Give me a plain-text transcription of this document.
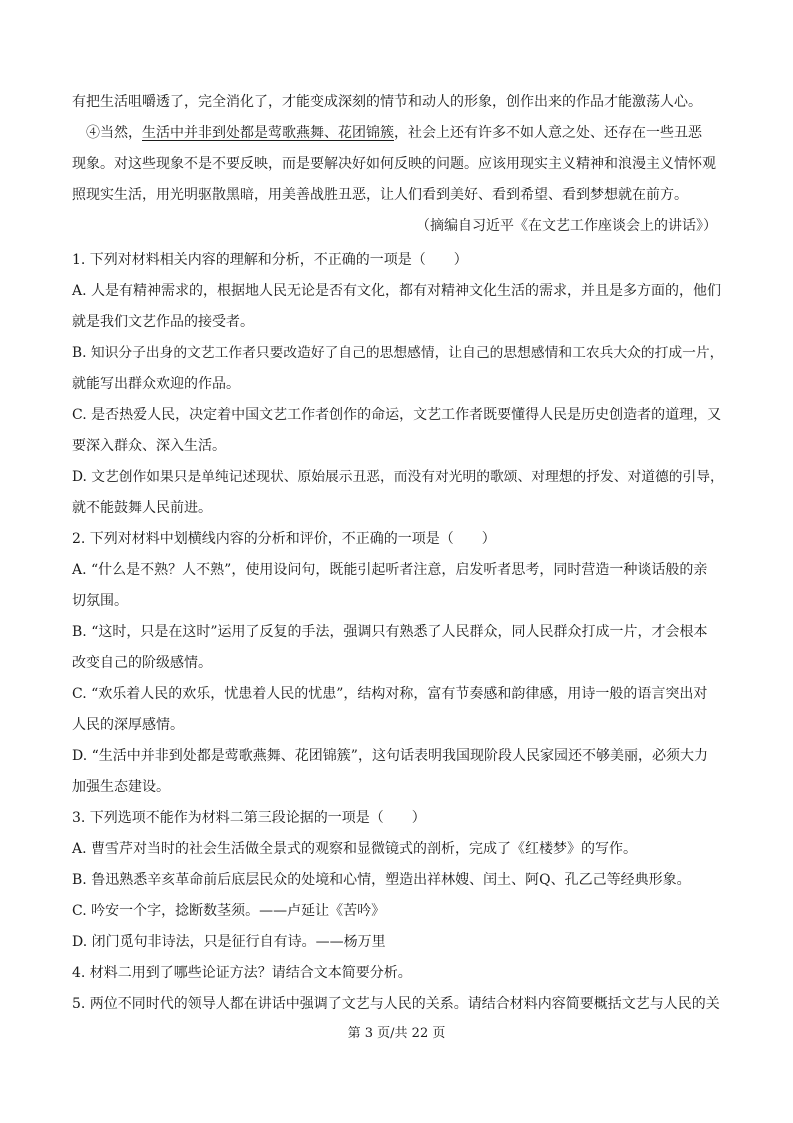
有把生活咀嚼透了，完全消化了，才能变成深刻的情节和动人的形象，创作出来的作品才能激荡人心。
④当然，生活中并非到处都是莺歌燕舞、花团锦簇，社会上还有许多不如人意之处、还存在一些丑恶
现象。对这些现象不是不要反映，而是要解决好如何反映的问题。应该用现实主义精神和浪漫主义情怀观
照现实生活，用光明驱散黑暗，用美善战胜丑恶，让人们看到美好、看到希望、看到梦想就在前方。
（摘编自习近平《在文艺工作座谈会上的讲话》）
1. 下列对材料相关内容的理解和分析，不正确的一项是（　　）
A. 人是有精神需求的，根据地人民无论是否有文化，都有对精神文化生活的需求，并且是多方面的，他们
就是我们文艺作品的接受者。
B. 知识分子出身的文艺工作者只要改造好了自己的思想感情，让自己的思想感情和工农兵大众的打成一片，
就能写出群众欢迎的作品。
C. 是否热爱人民，决定着中国文艺工作者创作的命运，文艺工作者既要懂得人民是历史创造者的道理，又
要深入群众、深入生活。
D. 文艺创作如果只是单纯记述现状、原始展示丑恶，而没有对光明的歌颂、对理想的抒发、对道德的引导，
就不能鼓舞人民前进。
2. 下列对材料中划横线内容的分析和评价，不正确的一项是（　　）
A. “什么是不熟？人不熟”，使用设问句，既能引起听者注意，启发听者思考，同时营造一种谈话般的亲
切氛围。
B. “这时，只是在这时”运用了反复的手法，强调只有熟悉了人民群众，同人民群众打成一片，才会根本
改变自己的阶级感情。
C. “欢乐着人民的欢乐，忧患着人民的忧患”，结构对称，富有节奏感和韵律感，用诗一般的语言突出对
人民的深厚感情。
D. “生活中并非到处都是莺歌燕舞、花团锦簇”，这句话表明我国现阶段人民家园还不够美丽，必须大力
加强生态建设。
3. 下列选项不能作为材料二第三段论据的一项是（　　）
A. 曹雪芹对当时的社会生活做全景式的观察和显微镜式的剖析，完成了《红楼梦》的写作。
B. 鲁迅熟悉辛亥革命前后底层民众的处境和心情，塑造出祥林嫂、闰土、阿Q、孔乙己等经典形象。
C. 吟安一个字，捻断数茎须。——卢延让《苦吟》
D. 闭门觅句非诗法，只是征行自有诗。——杨万里
4. 材料二用到了哪些论证方法？请结合文本简要分析。
5. 两位不同时代的领导人都在讲话中强调了文艺与人民的关系。请结合材料内容简要概括文艺与人民的关
第 3 页/共 22 页
